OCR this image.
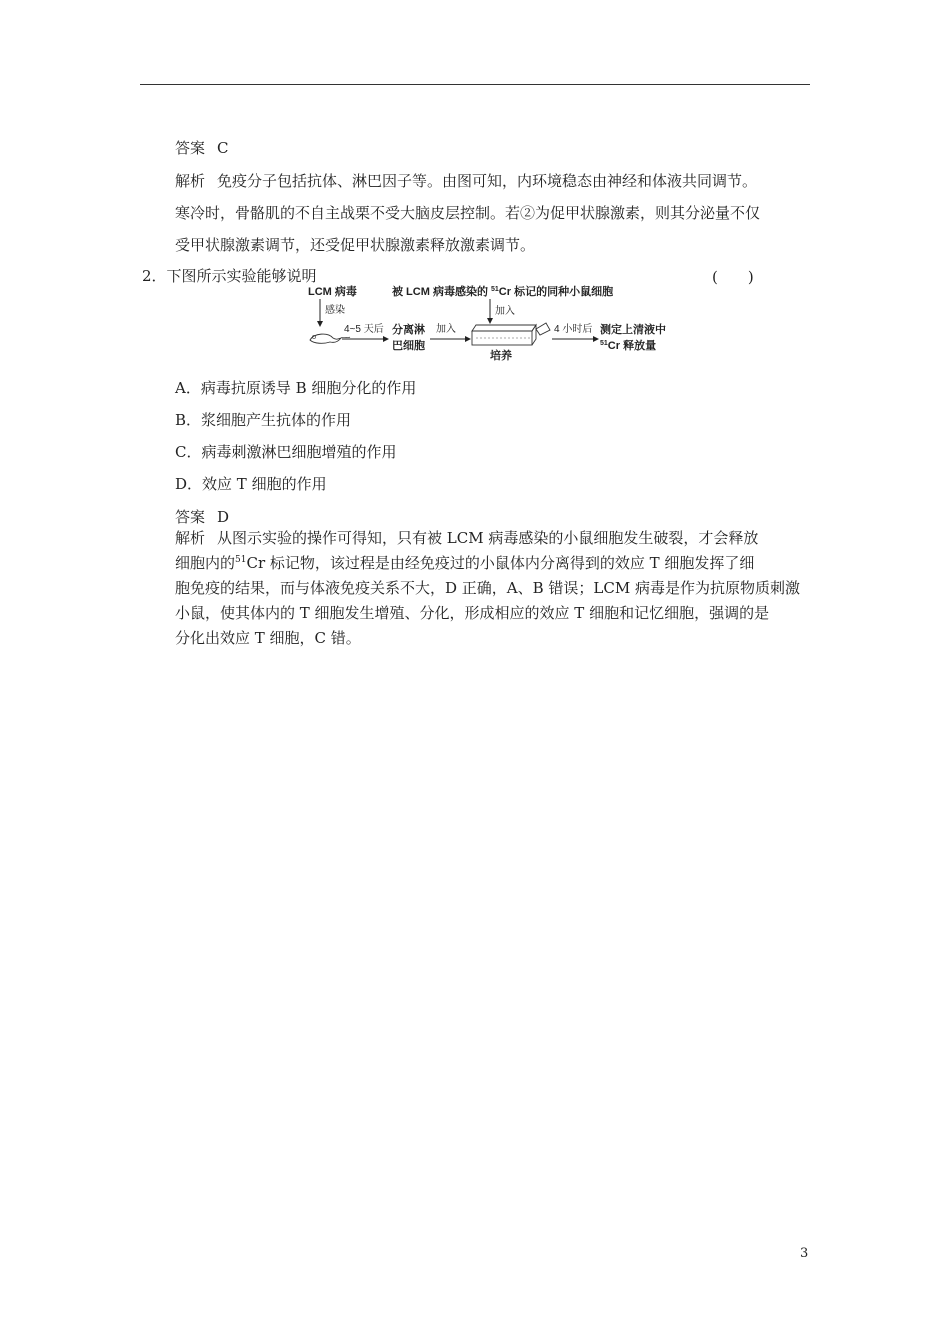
答案 C
解析 免疫分子包括抗体、淋巴因子等。由图可知，内环境稳态由神经和体液共同调节。
寒冷时，骨骼肌的不自主战栗不受大脑皮层控制。若②为促甲状腺激素，则其分泌量不仅
受甲状腺激素调节，还受促甲状腺激素释放激素调节。
2．下图所示实验能够说明	(　　)
LCM 病毒	被 LCM 病毒感染的 $^{51}$Cr 标记的同种小鼠细胞
感染
4~5 天后 分离淋
巴细胞
加入
加入
培养
4 小时后 测定上清液中
$^{51}$Cr 释放量
A．病毒抗原诱导 B 细胞分化的作用
B．浆细胞产生抗体的作用
C．病毒刺激淋巴细胞增殖的作用
D．效应 T 细胞的作用
答案 D
解析 从图示实验的操作可得知，只有被 LCM 病毒感染的小鼠细胞发生破裂，才会释放
细胞内的$^{51}$Cr 标记物，该过程是由经免疫过的小鼠体内分离得到的效应 T 细胞发挥了细
胞免疫的结果，而与体液免疫关系不大，D 正确，A、B 错误；LCM 病毒是作为抗原物质刺激
小鼠，使其体内的 T 细胞发生增殖、分化，形成相应的效应 T 细胞和记忆细胞，强调的是
分化出效应 T 细胞，C 错。
3
